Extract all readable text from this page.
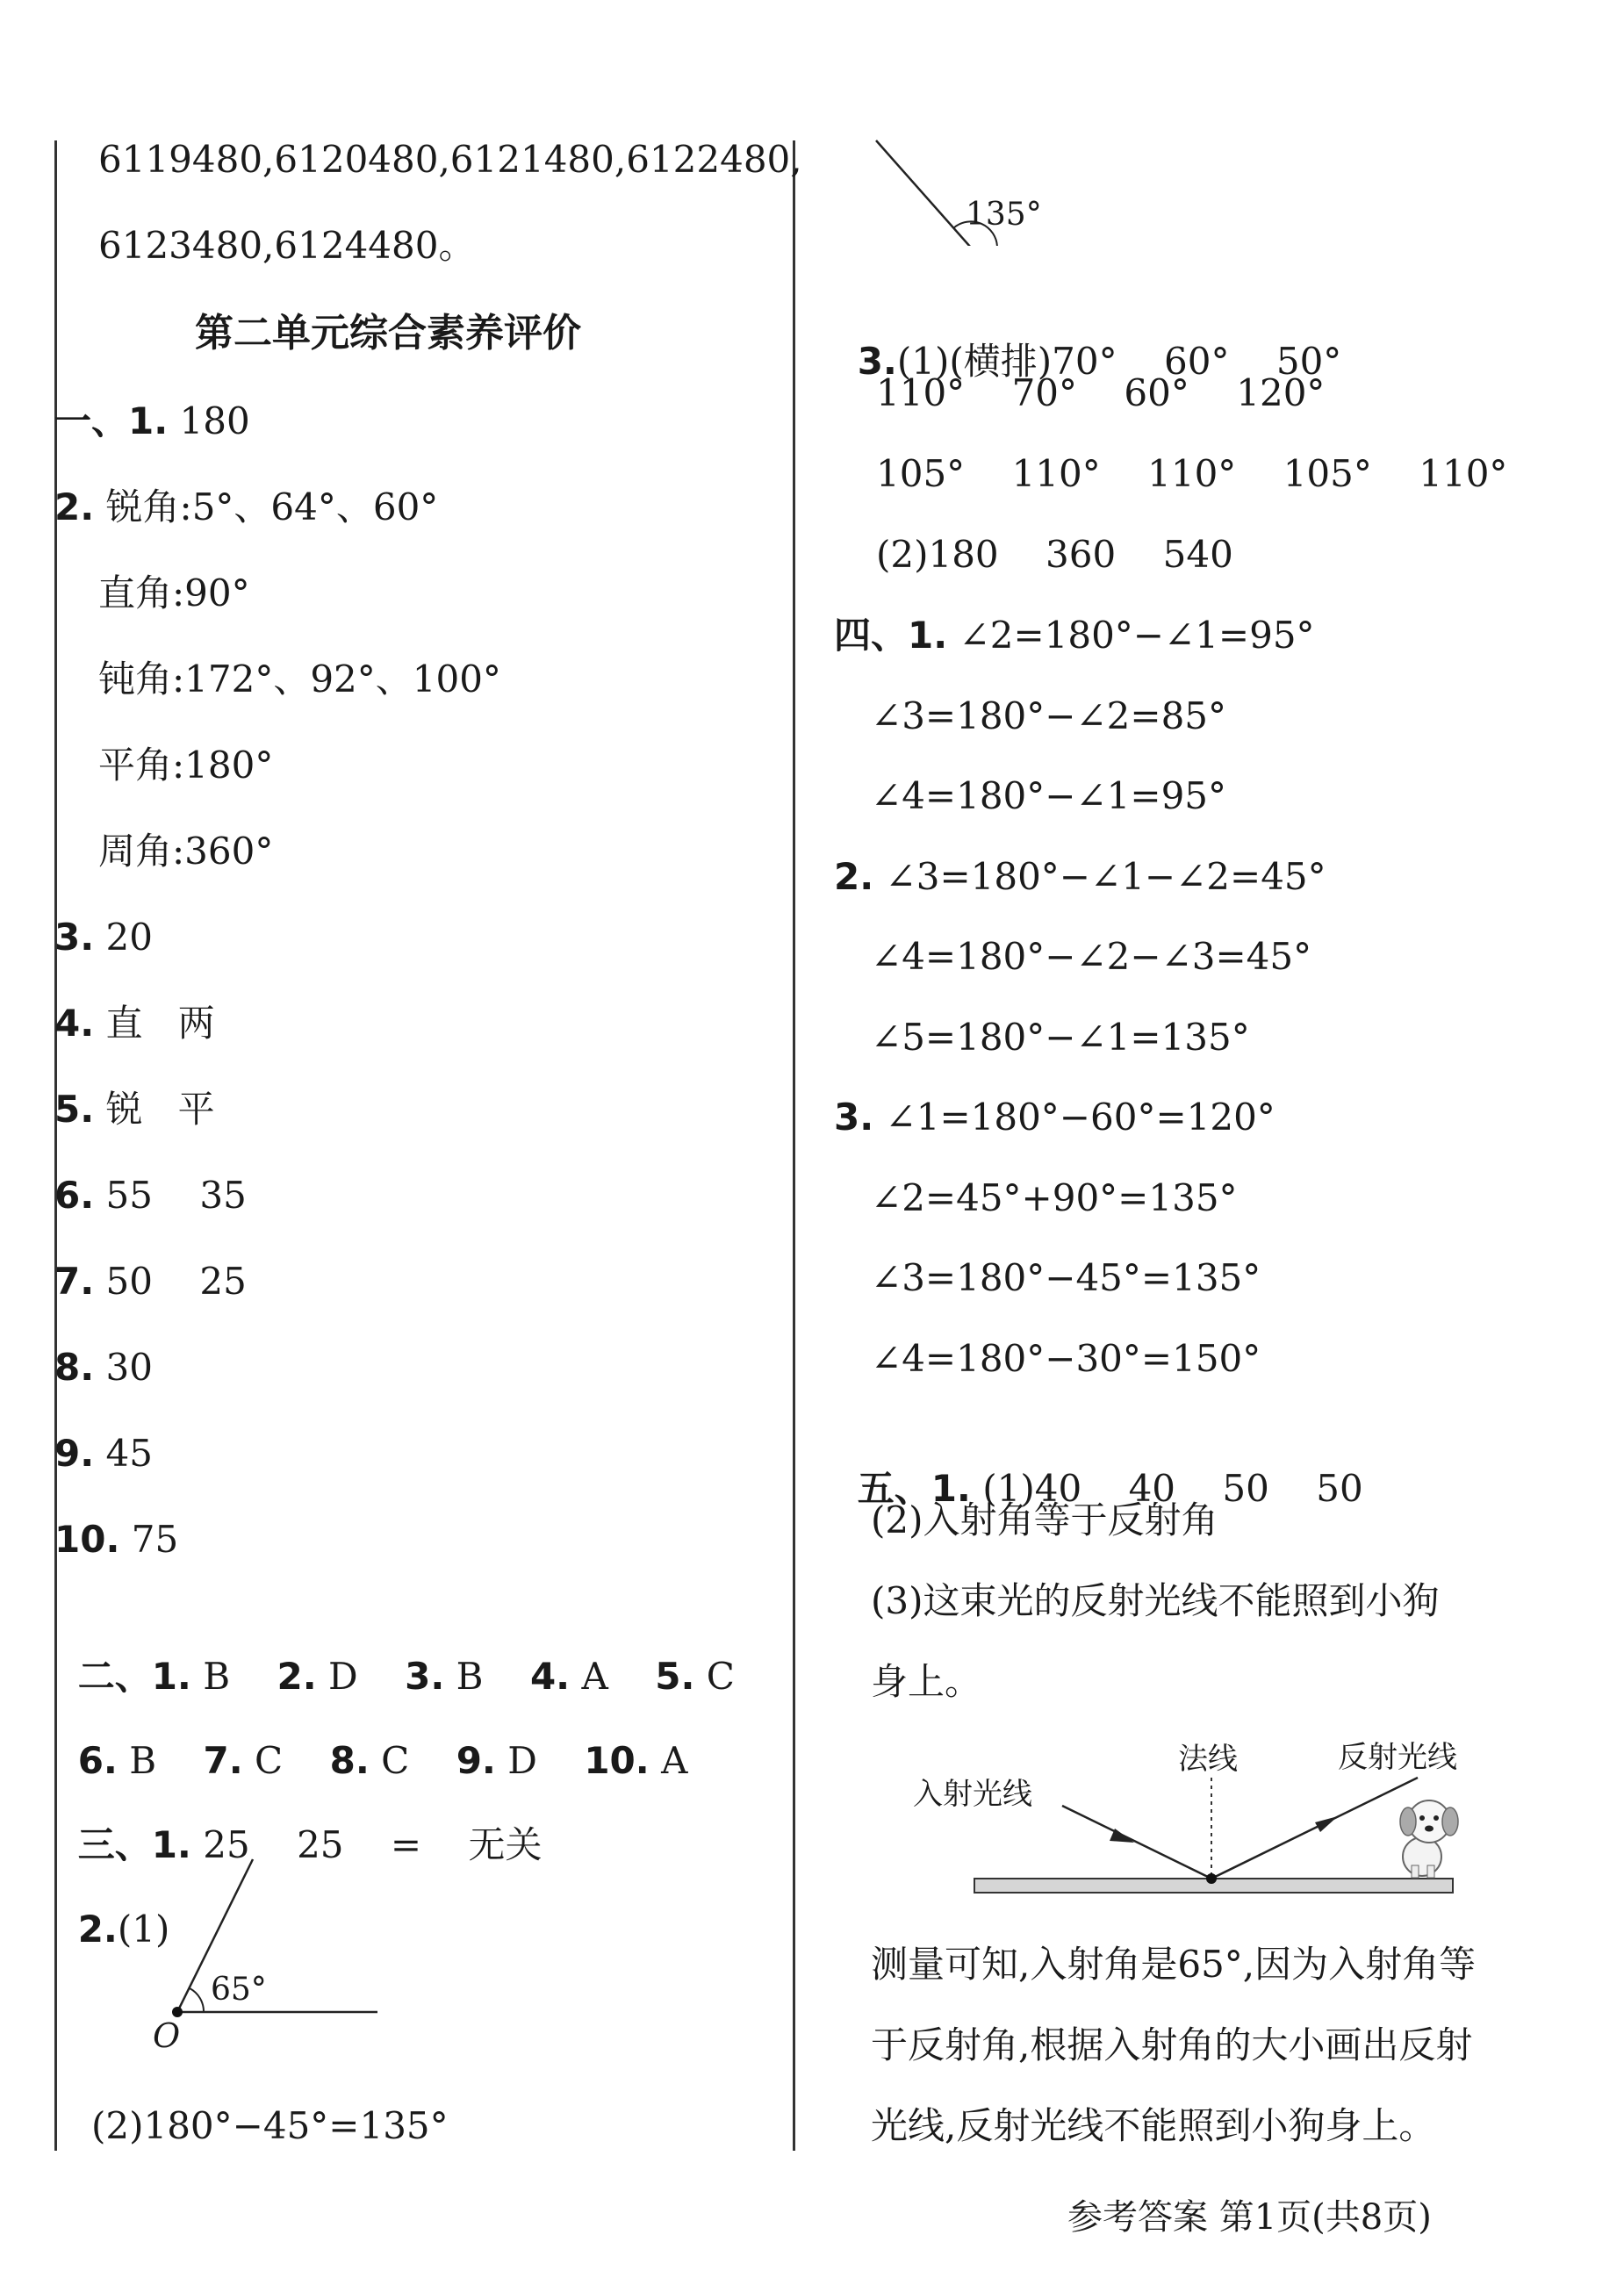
6119480,6120480,6121480,6122480,
6123480,6124480。
第二单元综合素养评价
一、1. 180
2. 锐角:5°、64°、60°
直角:90°
钝角:172°、92°、100°
平角:180°
周角:360°
3. 20
4. 直   两
5. 锐   平
6. 55    35
7. 50    25
8. 30
9. 45
10. 75

二、1. B 2. D 3. B 4. A 5. C

6. B 7. C 8. C 9. D 10. A

三、1. 25    25    =    无关

2.(1)

65°
O
(2)180°−45°=135°
135°

3.(1)(横排)70°    60°    50°

110°    70°    60°    120°
105°    110°    110°    105°    110°
(2)180    360    540
四、1. ∠2=180°−∠1=95°
∠3=180°−∠2=85°
∠4=180°−∠1=95°
2. ∠3=180°−∠1−∠2=45°
∠4=180°−∠2−∠3=45°
∠5=180°−∠1=135°
3. ∠1=180°−60°=120°
∠2=45°+90°=135°
∠3=180°−45°=135°
∠4=180°−30°=150°

五、1. (1)40    40    50    50

(2)入射角等于反射角
(3)这束光的反射光线不能照到小狗
身上。
入射光线
法线	反射光线
测量可知,入射角是65°,因为入射角等
于反射角,根据入射角的大小画出反射
光线,反射光线不能照到小狗身上。
参考答案 第1页(共8页)
